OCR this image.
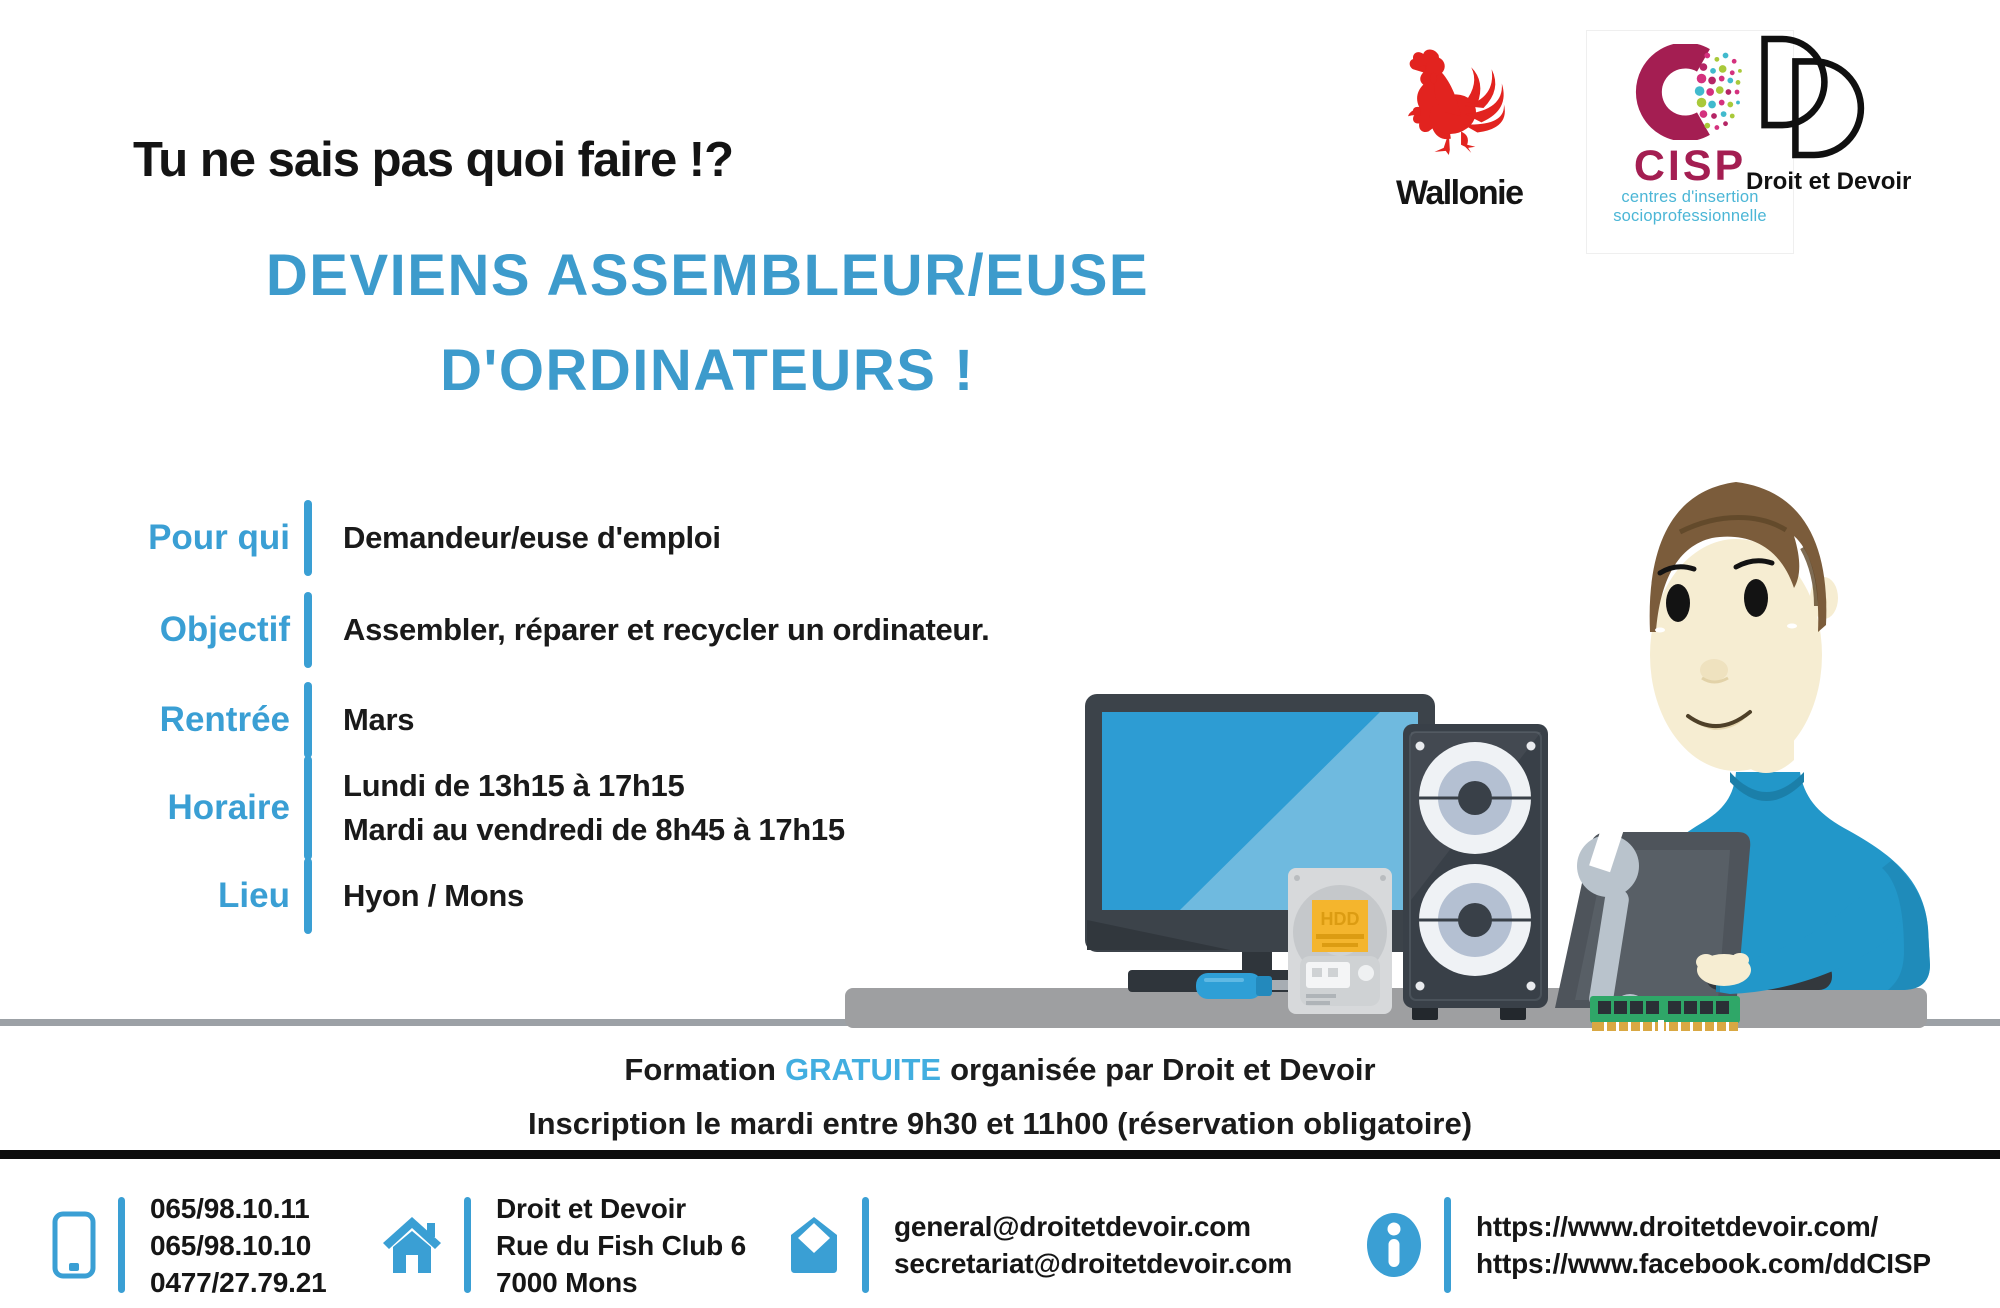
Tu ne sais pas quoi faire !?
DEVIENS ASSEMBLEUR/EUSE
D'ORDINATEURS !
Wallonie
CISP
centres d'insertion
socioprofessionnelle
Droit et Devoir
Pour qui Demandeur/euse d'emploi
Objectif Assembler, réparer et recycler un ordinateur.
Rentrée Mars
Horaire
Lundi de 13h15 à 17h15
Mardi au vendredi de 8h45 à 17h15
Lieu Hyon / Mons
HDD
Formation GRATUITE organisée par Droit et Devoir
Inscription le mardi entre 9h30 et 11h00 (réservation obligatoire)
065/98.10.11
065/98.10.10
0477/27.79.21
Droit et Devoir
Rue du Fish Club 6
7000 Mons
general@droitetdevoir.com
secretariat@droitetdevoir.com
https://www.droitetdevoir.com/
https://www.facebook.com/ddCISP
